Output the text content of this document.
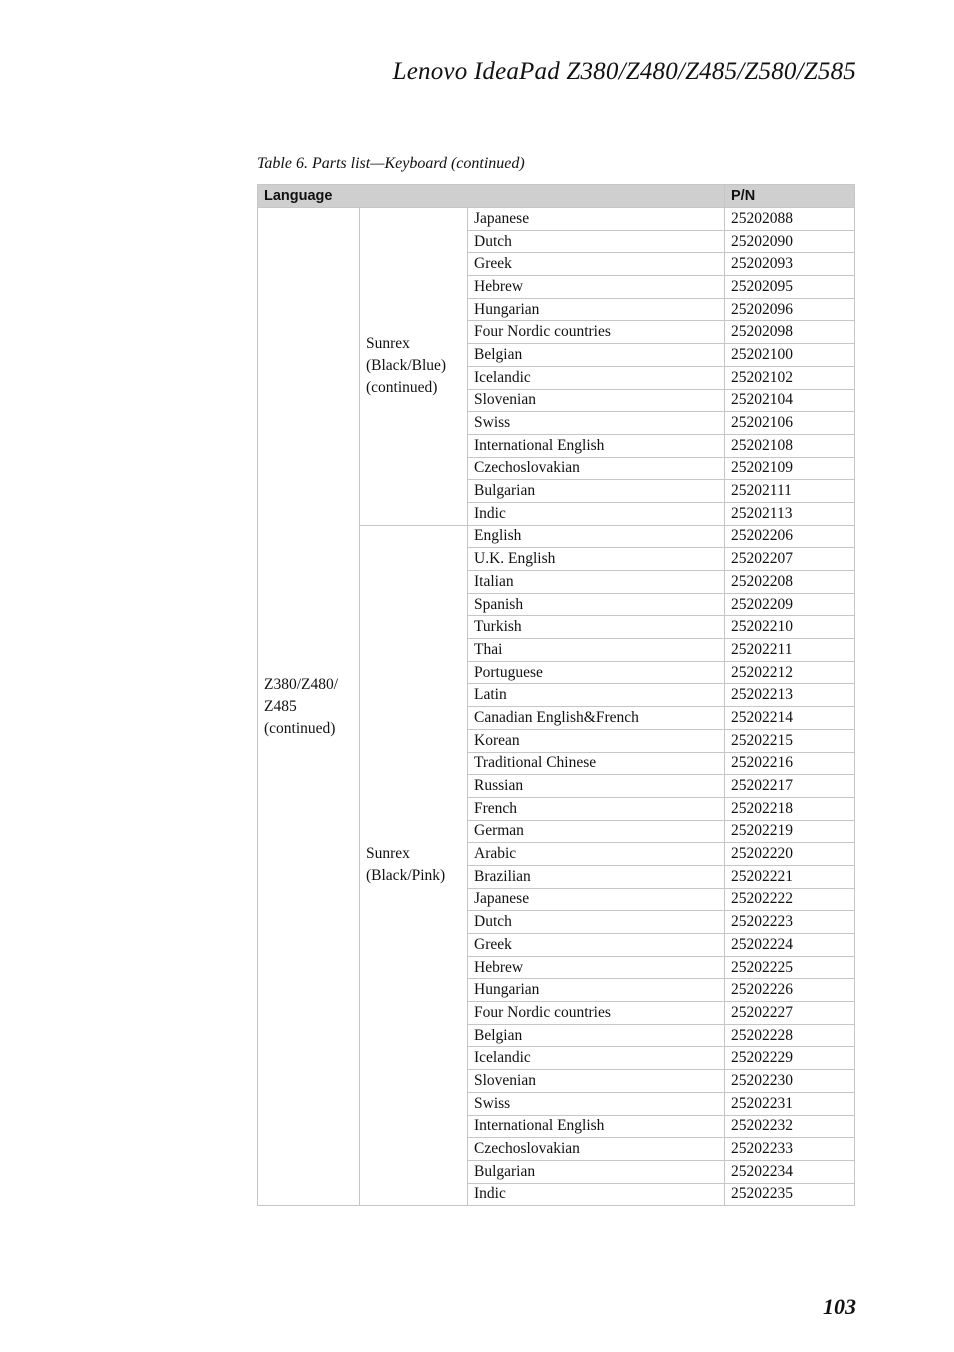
Lenovo IdeaPad Z380/Z480/Z485/Z580/Z585
Table 6. Parts list—Keyboard (continued)
Language			P/N
Z380/Z480/ Z485 (continued)	Sunrex (Black/Blue) (continued)	Japanese	25202088
		Dutch	25202090
		Greek	25202093
		Hebrew	25202095
		Hungarian	25202096
		Four Nordic countries	25202098
		Belgian	25202100
		Icelandic	25202102
		Slovenian	25202104
		Swiss	25202106
		International English	25202108
		Czechoslovakian	25202109
		Bulgarian	25202111
		Indic	25202113
	Sunrex (Black/Pink)	English	25202206
		U.K. English	25202207
		Italian	25202208
		Spanish	25202209
		Turkish	25202210
		Thai	25202211
		Portuguese	25202212
		Latin	25202213
		Canadian English&French	25202214
		Korean	25202215
		Traditional Chinese	25202216
		Russian	25202217
		French	25202218
		German	25202219
		Arabic	25202220
		Brazilian	25202221
		Japanese	25202222
		Dutch	25202223
		Greek	25202224
		Hebrew	25202225
		Hungarian	25202226
		Four Nordic countries	25202227
		Belgian	25202228
		Icelandic	25202229
		Slovenian	25202230
		Swiss	25202231
		International English	25202232
		Czechoslovakian	25202233
		Bulgarian	25202234
		Indic	25202235
103
